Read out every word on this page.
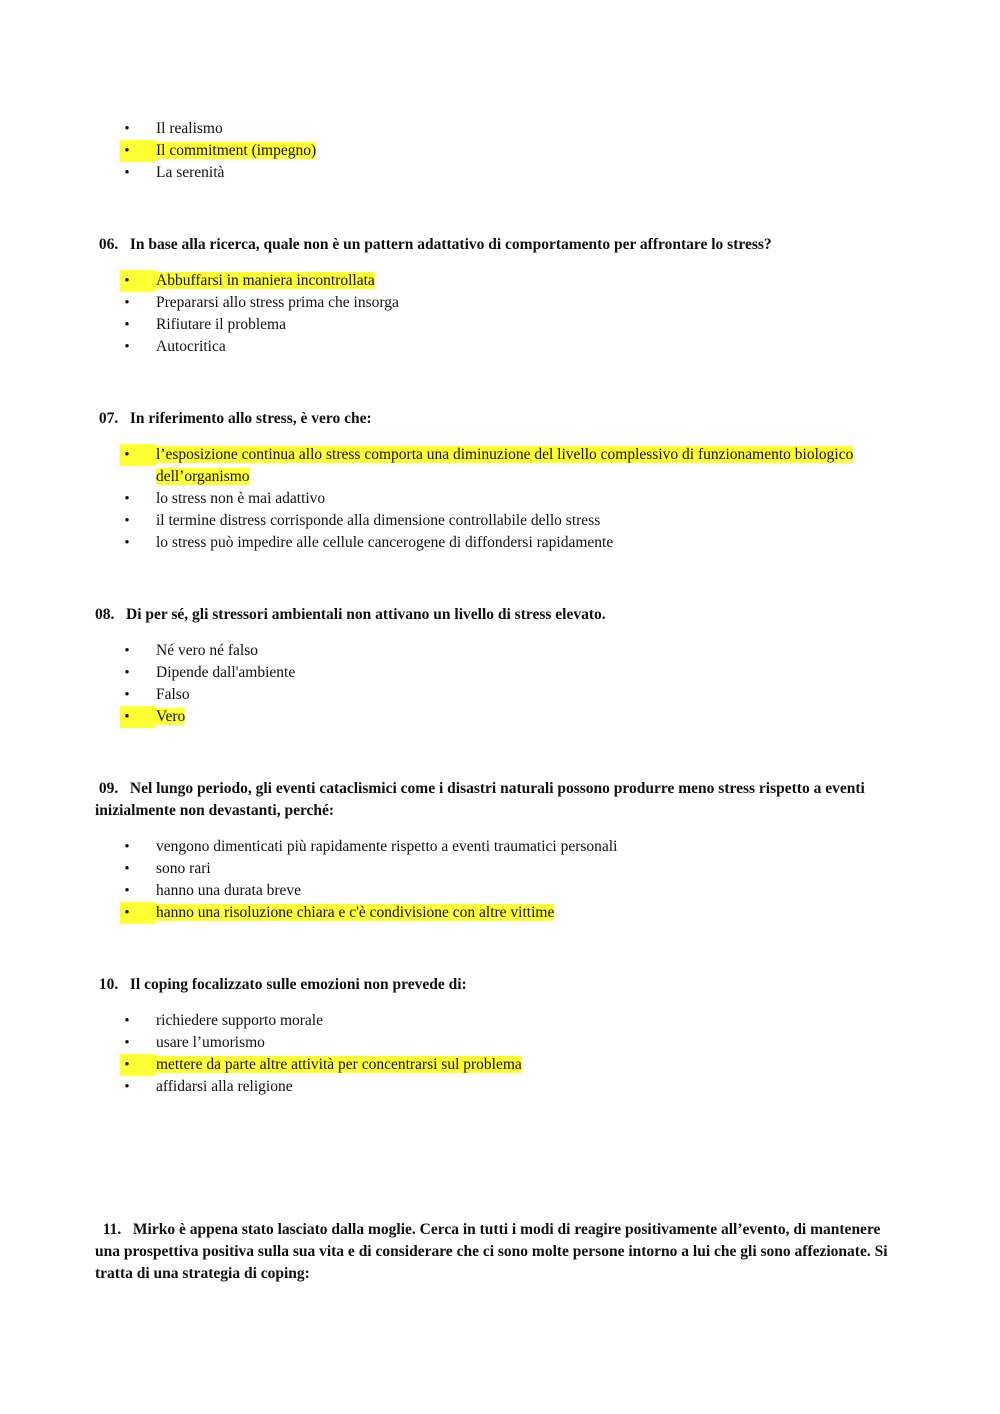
• Il realismo
•	Il commitment (impegno)
• La serenità
06. In base alla ricerca, quale non è un pattern adattativo di comportamento per affrontare lo stress?
•	Abbuffarsi in maniera incontrollata
• Prepararsi allo stress prima che insorga
• Rifiutare il problema
• Autocritica
07. In riferimento allo stress, è vero che:
•	l’esposizione continua allo stress comporta una diminuzione del livello complessivo di funzionamento biologico dell’organismo
• lo stress non è mai adattivo
• il termine distress corrisponde alla dimensione controllabile dello stress
• lo stress può impedire alle cellule cancerogene di diffondersi rapidamente
08. Di per sé, gli stressori ambientali non attivano un livello di stress elevato.
• Né vero né falso
• Dipende dall'ambiente
• Falso
•	Vero
09. Nel lungo periodo, gli eventi cataclismici come i disastri naturali possono produrre meno stress rispetto a eventi inizialmente non devastanti, perché:
• vengono dimenticati più rapidamente rispetto a eventi traumatici personali
• sono rari
• hanno una durata breve
•	hanno una risoluzione chiara e c'è condivisione con altre vittime
10. Il coping focalizzato sulle emozioni non prevede di:
• richiedere supporto morale
• usare l’umorismo
•	mettere da parte altre attività per concentrarsi sul problema
• affidarsi alla religione
11. Mirko è appena stato lasciato dalla moglie. Cerca in tutti i modi di reagire positivamente all’evento, di mantenere una prospettiva positiva sulla sua vita e di considerare che ci sono molte persone intorno a lui che gli sono affezionate. Si tratta di una strategia di coping:
